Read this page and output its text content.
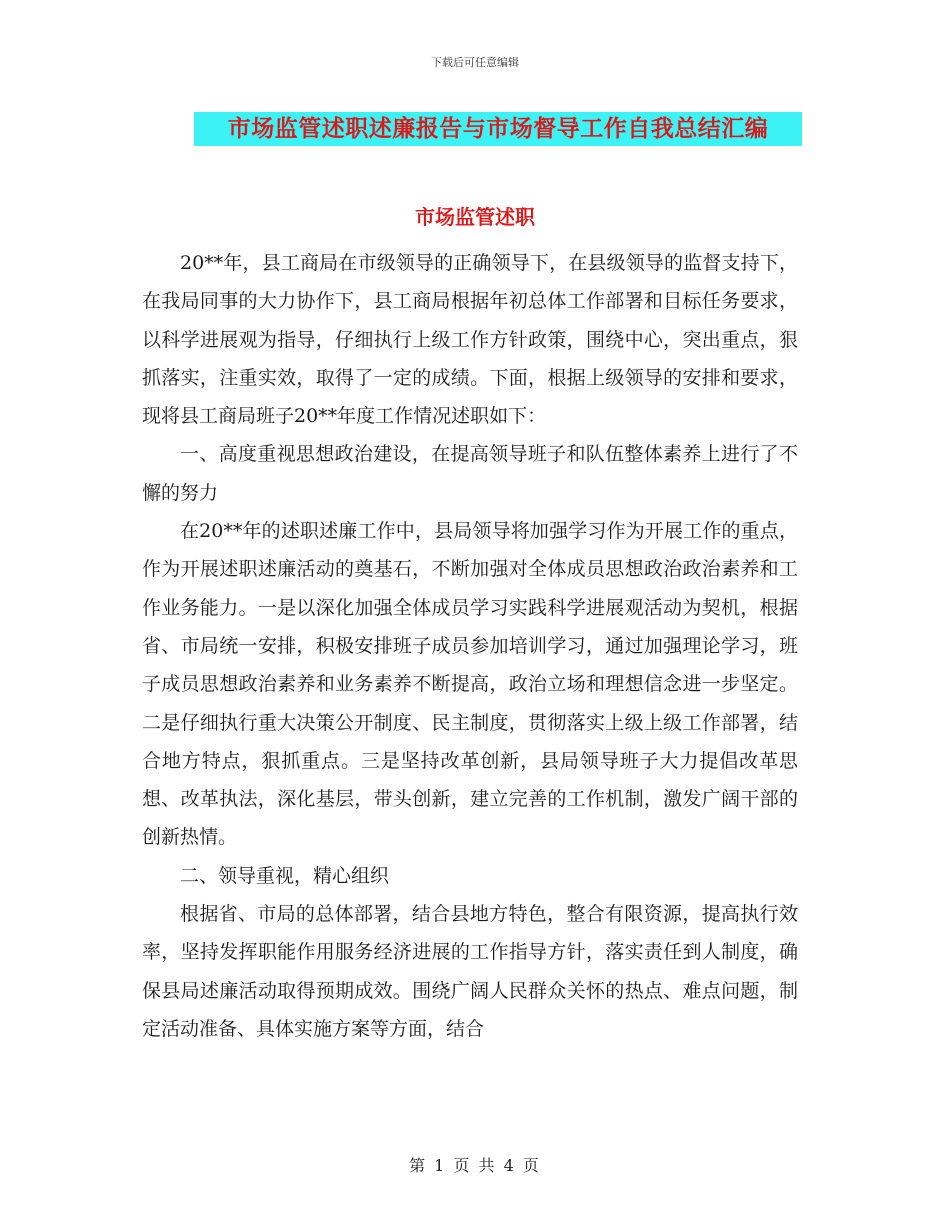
下载后可任意编辑
市场监管述职述廉报告与市场督导工作自我总结汇编
市场监管述职

20**年，县工商局在市级领导的正确领导下，在县级领导的监督支持下，在我局同事的大力协作下，县工商局根据年初总体工作部署和目标任务要求，以科学进展观为指导，仔细执行上级工作方针政策，围绕中心，突出重点，狠抓落实，注重实效，取得了一定的成绩。下面，根据上级领导的安排和要求，现将县工商局班子20**年度工作情况述职如下：

一、高度重视思想政治建设，在提高领导班子和队伍整体素养上进行了不懈的努力

在20**年的述职述廉工作中，县局领导将加强学习作为开展工作的重点，作为开展述职述廉活动的奠基石，不断加强对全体成员思想政治政治素养和工作业务能力。一是以深化加强全体成员学习实践科学进展观活动为契机，根据省、市局统一安排，积极安排班子成员参加培训学习，通过加强理论学习，班子成员思想政治素养和业务素养不断提高，政治立场和理想信念进一步坚定。二是仔细执行重大决策公开制度、民主制度，贯彻落实上级上级工作部署，结合地方特点，狠抓重点。三是坚持改革创新，县局领导班子大力提倡改革思想、改革执法，深化基层，带头创新，建立完善的工作机制，激发广阔干部的创新热情。

二、领导重视，精心组织

根据省、市局的总体部署，结合县地方特色，整合有限资源，提高执行效率，坚持发挥职能作用服务经济进展的工作指导方针，落实责任到人制度，确保县局述廉活动取得预期成效。围绕广阔人民群众关怀的热点、难点问题，制定活动准备、具体实施方案等方面，结合

第 1 页 共 4 页
